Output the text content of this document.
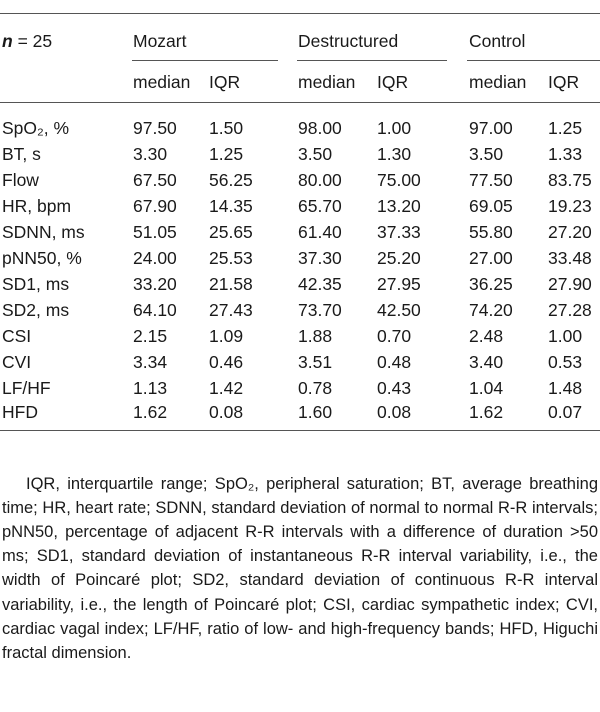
n = 25	Mozart	Destructured	Control
median IQR	median IQR	median IQR
SpO₂, %	97.50 1.50	98.00 1.00	97.00 1.25
BT, s	3.30 1.25	3.50	1.30	3.50	1.33
Flow	67.50 56.25	80.00 75.00	77.50 83.75
HR, bpm	67.90 14.35	65.70 13.20	69.05 19.23
SDNN, ms	51.05 25.65	61.40 37.33	55.80 27.20
pNN50, %	24.00 25.53	37.30 25.20	27.00 33.48
SD1, ms	33.20 21.58	42.35 27.95	36.25 27.90
SD2, ms	64.10 27.43	73.70 42.50	74.20 27.28
CSI	2.15 1.09	1.88	0.70	2.48	1.00
CVI	3.34 0.46	3.51	0.48	3.40	0.53
LF/HF	1.13 1.42	0.78	0.43	1.04	1.48
HFD	1.62 0.08	1.60	0.08	1.62	0.07

IQR, interquartile range; SpO₂, peripheral saturation; BT, average breathing time; HR, heart rate; SDNN, standard deviation of normal to normal R-R intervals; pNN50, percentage of adjacent R-R intervals with a difference of duration >50 ms; SD1, standard deviation of instantaneous R-R interval variability, i.e., the width of Poincaré plot; SD2, standard deviation of continuous R-R interval variability, i.e., the length of Poincaré plot; CSI, cardiac sympathetic index; CVI, cardiac vagal index; LF/HF, ratio of low- and high-frequency bands; HFD, Higuchi fractal dimension.
